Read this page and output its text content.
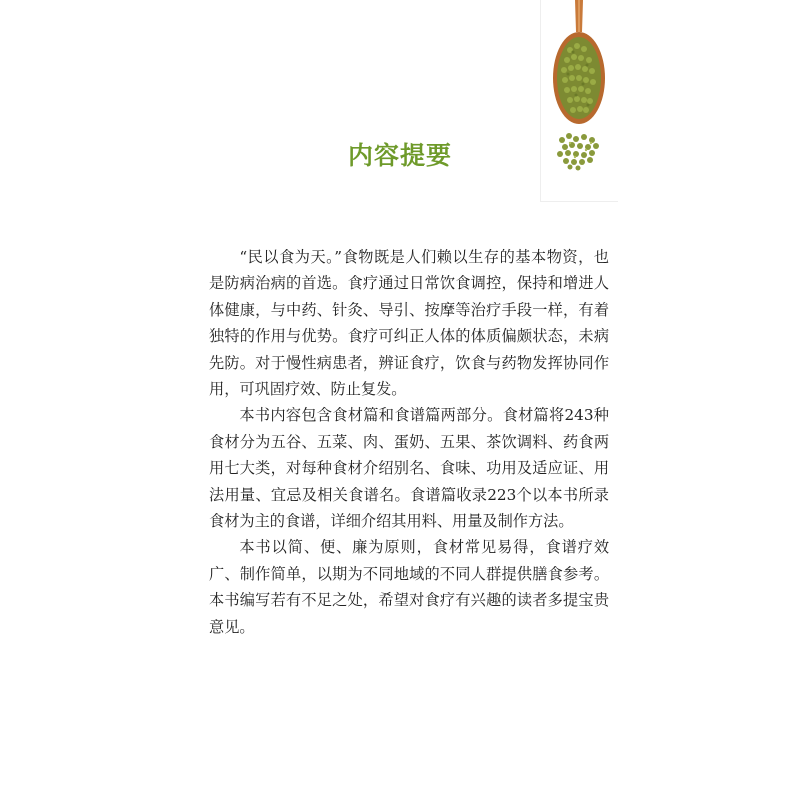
内容提要

“民以食为天。”食物既是人们赖以生存的基本物资，也是防病治病的首选。食疗通过日常饮食调控，保持和增进人体健康，与中药、针灸、导引、按摩等治疗手段一样，有着独特的作用与优势。食疗可纠正人体的体质偏颇状态，未病先防。对于慢性病患者，辨证食疗，饮食与药物发挥协同作用，可巩固疗效、防止复发。

本书内容包含食材篇和食谱篇两部分。食材篇将243种食材分为五谷、五菜、肉、蛋奶、五果、茶饮调料、药食两用七大类，对每种食材介绍别名、食味、功用及适应证、用法用量、宜忌及相关食谱名。食谱篇收录223个以本书所录食材为主的食谱，详细介绍其用料、用量及制作方法。

本书以简、便、廉为原则，食材常见易得，食谱疗效广、制作简单，以期为不同地域的不同人群提供膳食参考。本书编写若有不足之处，希望对食疗有兴趣的读者多提宝贵意见。
